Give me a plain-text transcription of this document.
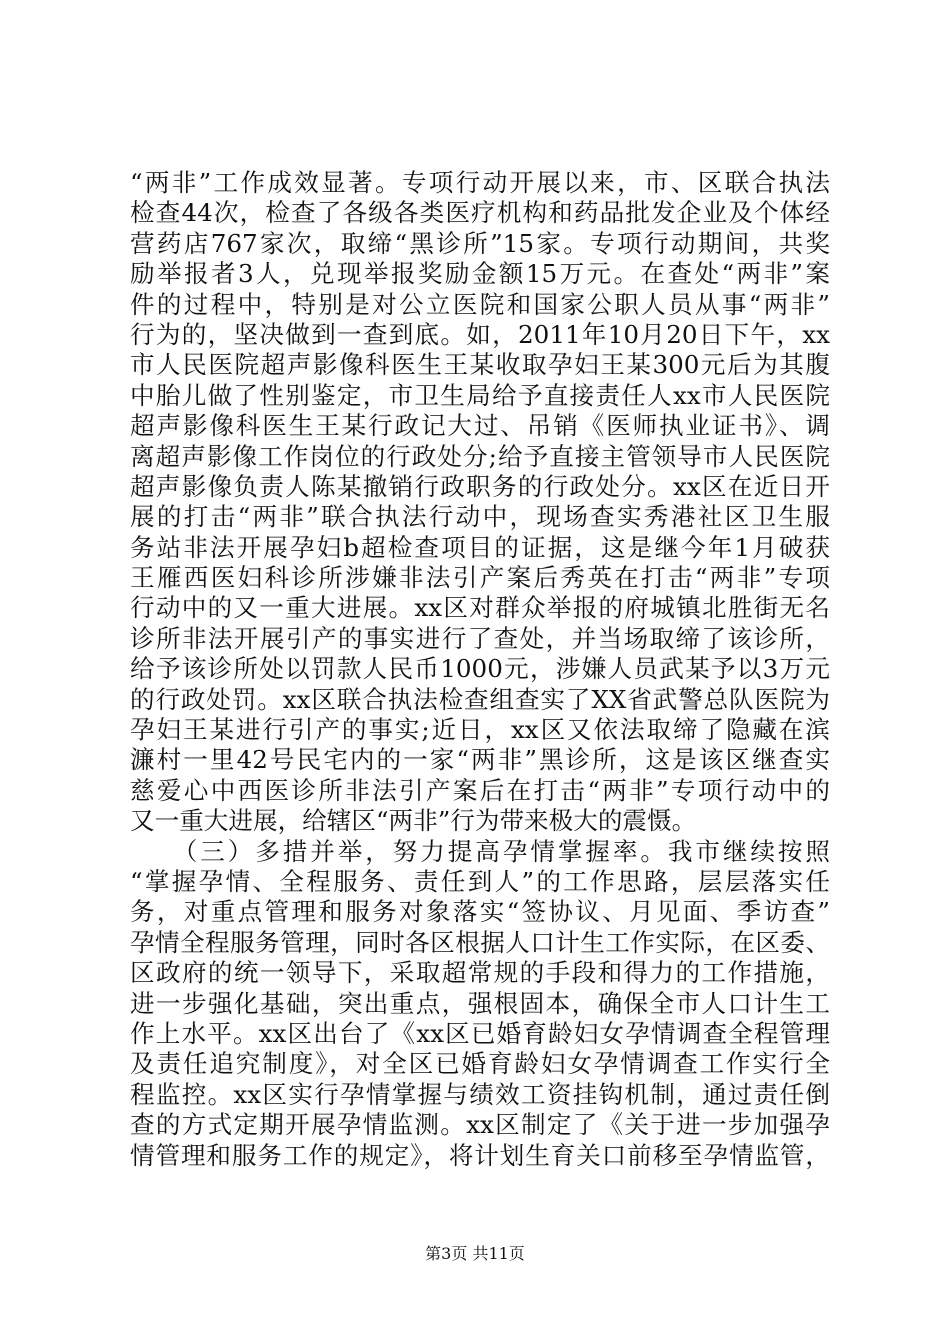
“两非”工作成效显著。专项行动开展以来，市、区联合执法
检查44次，检查了各级各类医疗机构和药品批发企业及个体经
营药店767家次，取缔“黑诊所”15家。专项行动期间，共奖
励举报者3人，兑现举报奖励金额15万元。在查处“两非”案
件的过程中，特别是对公立医院和国家公职人员从事“两非”
行为的，坚决做到一查到底。如，2011年10月20日下午，xx
市人民医院超声影像科医生王某收取孕妇王某300元后为其腹
中胎儿做了性别鉴定，市卫生局给予直接责任人xx市人民医院
超声影像科医生王某行政记大过、吊销《医师执业证书》、调
离超声影像工作岗位的行政处分;给予直接主管领导市人民医院
超声影像负责人陈某撤销行政职务的行政处分。xx区在近日开
展的打击“两非”联合执法行动中，现场查实秀港社区卫生服
务站非法开展孕妇b超检查项目的证据，这是继今年1月破获
王雁西医妇科诊所涉嫌非法引产案后秀英在打击“两非”专项
行动中的又一重大进展。xx区对群众举报的府城镇北胜街无名
诊所非法开展引产的事实进行了查处，并当场取缔了该诊所，
给予该诊所处以罚款人民币1000元，涉嫌人员武某予以3万元
的行政处罚。xx区联合执法检查组查实了XX省武警总队医院为
孕妇王某进行引产的事实;近日，xx区又依法取缔了隐藏在滨
濂村一里42号民宅内的一家“两非”黑诊所，这是该区继查实
慈爱心中西医诊所非法引产案后在打击“两非”专项行动中的
又一重大进展，给辖区“两非”行为带来极大的震慑。
　　（三）多措并举，努力提高孕情掌握率。我市继续按照
“掌握孕情、全程服务、责任到人”的工作思路，层层落实任
务，对重点管理和服务对象落实“签协议、月见面、季访查”
孕情全程服务管理，同时各区根据人口计生工作实际，在区委、
区政府的统一领导下，采取超常规的手段和得力的工作措施，
进一步强化基础，突出重点，强根固本，确保全市人口计生工
作上水平。xx区出台了《xx区已婚育龄妇女孕情调查全程管理
及责任追究制度》，对全区已婚育龄妇女孕情调查工作实行全
程监控。xx区实行孕情掌握与绩效工资挂钩机制，通过责任倒
查的方式定期开展孕情监测。xx区制定了《关于进一步加强孕
情管理和服务工作的规定》，将计划生育关口前移至孕情监管，
第3页 共11页
